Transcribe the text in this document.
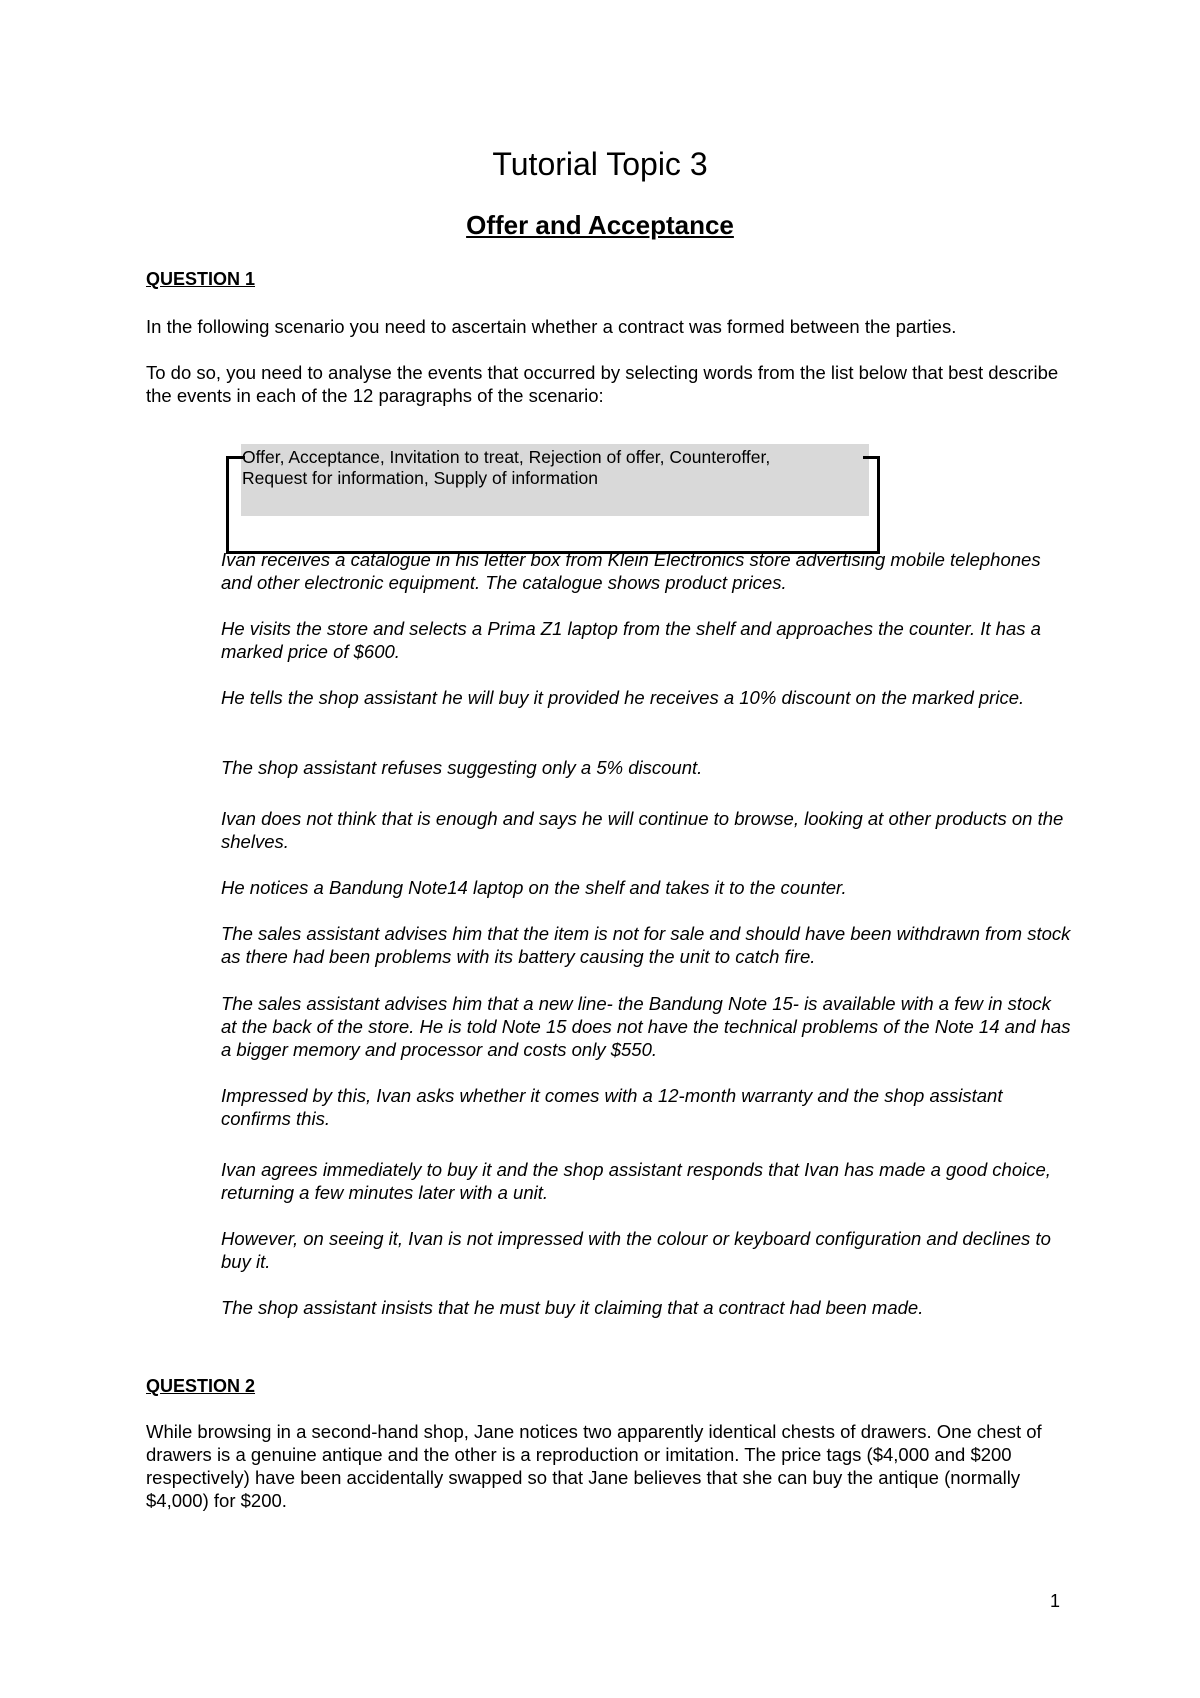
Tutorial Topic 3
Offer and Acceptance

QUESTION 1

In the following scenario you need to ascertain whether a contract was formed between the parties.

To do so, you need to analyse the events that occurred by selecting words from the list below that best describe the events in each of the 12 paragraphs of the scenario:

Offer, Acceptance, Invitation to treat, Rejection of offer, Counteroffer,
Request for information, Supply of information

Ivan receives a catalogue in his letter box from Klein Electronics store advertising mobile telephones and other electronic equipment. The catalogue shows product prices.

He visits the store and selects a Prima Z1 laptop from the shelf and approaches the counter. It has a marked price of $600.

He tells the shop assistant he will buy it provided he receives a 10% discount on the marked price.

The shop assistant refuses suggesting only a 5% discount.

Ivan does not think that is enough and says he will continue to browse, looking at other products on the shelves.

He notices a Bandung Note14 laptop on the shelf and takes it to the counter.

The sales assistant advises him that the item is not for sale and should have been withdrawn from stock as there had been problems with its battery causing the unit to catch fire.

The sales assistant advises him that a new line- the Bandung Note 15- is available with a few in stock at the back of the store. He is told Note 15 does not have the technical problems of the Note 14 and has a bigger memory and processor and costs only $550.

Impressed by this, Ivan asks whether it comes with a 12-month warranty and the shop assistant confirms this.

Ivan agrees immediately to buy it and the shop assistant responds that Ivan has made a good choice, returning a few minutes later with a unit.

However, on seeing it, Ivan is not impressed with the colour or keyboard configuration and declines to buy it.

The shop assistant insists that he must buy it claiming that a contract had been made.

QUESTION 2

While browsing in a second-hand shop, Jane notices two apparently identical chests of drawers. One chest of drawers is a genuine antique and the other is a reproduction or imitation. The price tags ($4,000 and $200 respectively) have been accidentally swapped so that Jane believes that she can buy the antique (normally $4,000) for $200.

1
